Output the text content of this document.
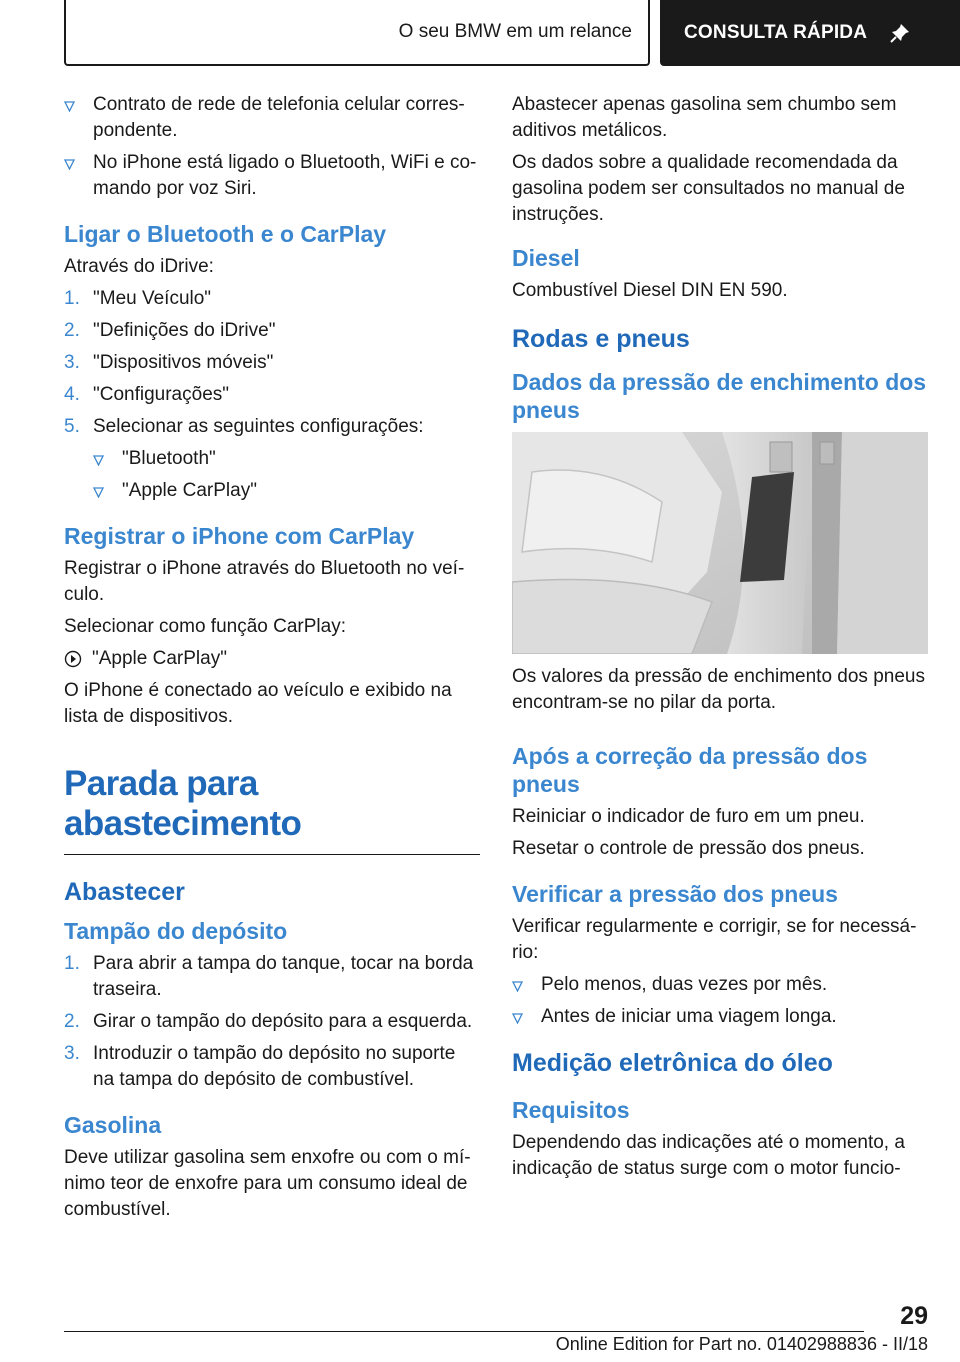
O seu BMW em um relance	CONSULTA RÁPIDA
Contrato de rede de telefonia celular corres-pondente.
No iPhone está ligado o Bluetooth, WiFi e co-mando por voz Siri.
Ligar o Bluetooth e o CarPlay

Através do iDrive:

1. "Meu Veículo"
2. "Definições do iDrive"
3. "Dispositivos móveis"
4. "Configurações"
5. Selecionar as seguintes configurações:
"Bluetooth"
"Apple CarPlay"
Registrar o iPhone com CarPlay

Registrar o iPhone através do Bluetooth no veí-culo.

Selecionar como função CarPlay:

"Apple CarPlay"

O iPhone é conectado ao veículo e exibido na lista de dispositivos.

Parada para abastecimento
Abastecer
Tampão do depósito
1. Para abrir a tampa do tanque, tocar na borda traseira.
2. Girar o tampão do depósito para a esquerda.
3. Introduzir o tampão do depósito no suporte na tampa do depósito de combustível.
Gasolina

Deve utilizar gasolina sem enxofre ou com o mí-nimo teor de enxofre para um consumo ideal de combustível.

Abastecer apenas gasolina sem chumbo sem aditivos metálicos.

Os dados sobre a qualidade recomendada da gasolina podem ser consultados no manual de instruções.

Diesel

Combustível Diesel DIN EN 590.

Rodas e pneus
Dados da pressão de enchimento dos pneus

Os valores da pressão de enchimento dos pneus encontram-se no pilar da porta.

Após a correção da pressão dos pneus

Reiniciar o indicador de furo em um pneu.

Resetar o controle de pressão dos pneus.

Verificar a pressão dos pneus

Verificar regularmente e corrigir, se for necessá-rio:

Pelo menos, duas vezes por mês.
Antes de iniciar uma viagem longa.
Medição eletrônica do óleo
Requisitos

Dependendo das indicações até o momento, a indicação de status surge com o motor funcio-

29
Online Edition for Part no. 01402988836 - II/18
